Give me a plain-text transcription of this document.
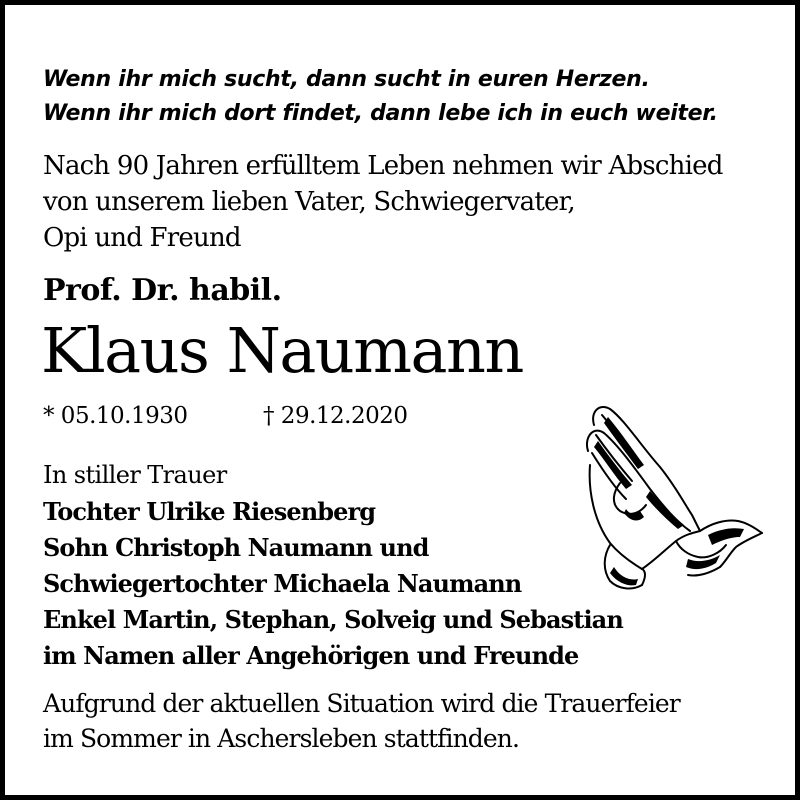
Wenn ihr mich sucht, dann sucht in euren Herzen.
Wenn ihr mich dort findet, dann lebe ich in euch weiter.
Nach 90 Jahren erfülltem Leben nehmen wir Abschied
von unserem lieben Vater, Schwiegervater,
Opi und Freund
Prof. Dr. habil.
Klaus Naumann
* 05.10.1930	† 29.12.2020
In stiller Trauer
Tochter Ulrike Riesenberg
Sohn Christoph Naumann und
Schwiegertochter Michaela Naumann
Enkel Martin, Stephan, Solveig und Sebastian
im Namen aller Angehörigen und Freunde
Aufgrund der aktuellen Situation wird die Trauerfeier
im Sommer in Aschersleben stattfinden.
